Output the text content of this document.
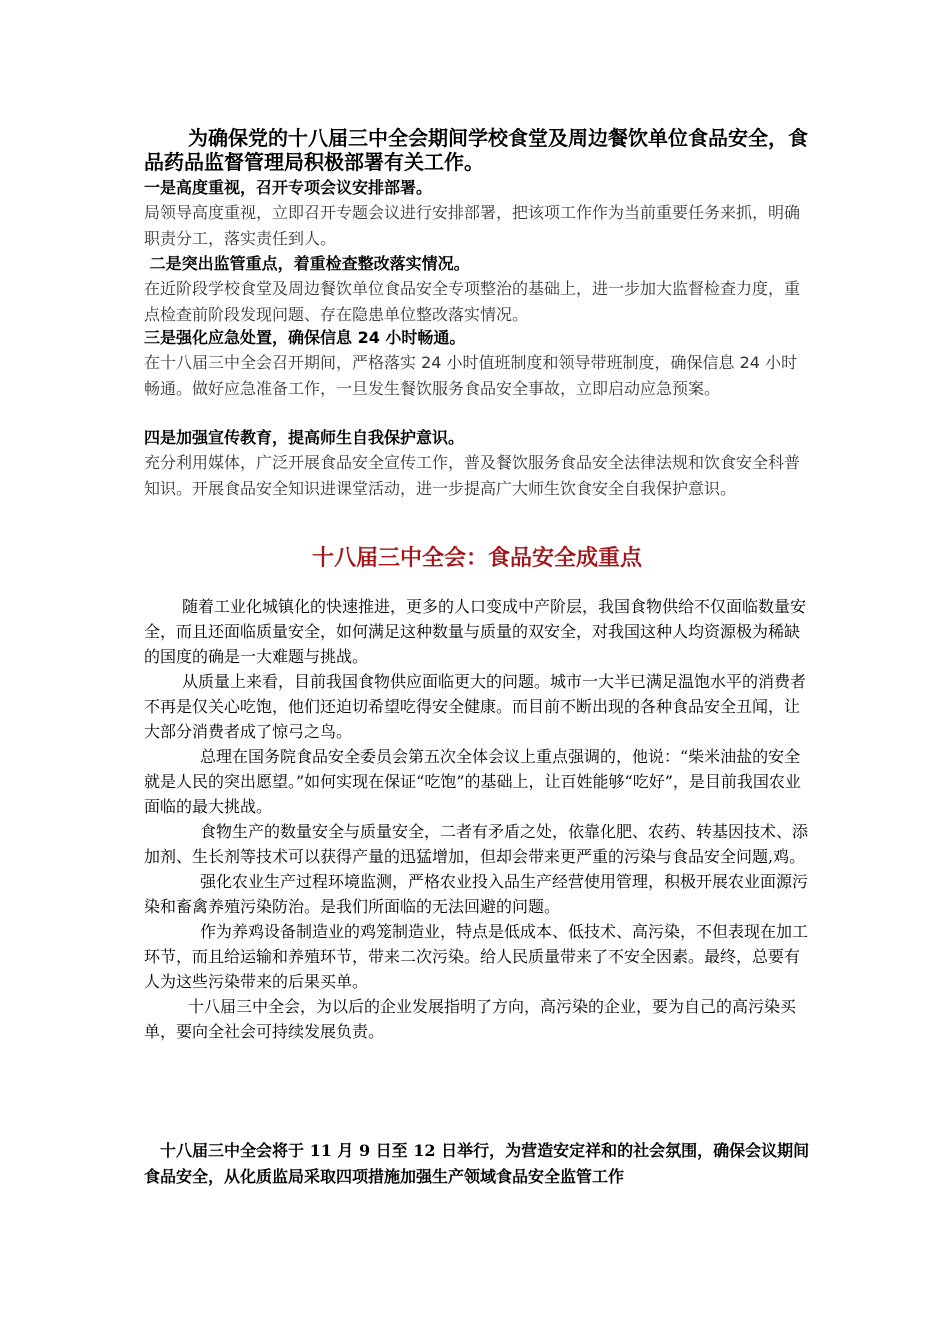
为确保党的十八届三中全会期间学校食堂及周边餐饮单位食品安全，食品药品监督管理局积极部署有关工作。
一是高度重视，召开专项会议安排部署。
局领导高度重视，立即召开专题会议进行安排部署，把该项工作作为当前重要任务来抓，明确职责分工，落实责任到人。
二是突出监管重点，着重检查整改落实情况。
在近阶段学校食堂及周边餐饮单位食品安全专项整治的基础上，进一步加大监督检查力度，重点检查前阶段发现问题、存在隐患单位整改落实情况。
三是强化应急处置，确保信息 24 小时畅通。
在十八届三中全会召开期间，严格落实 24 小时值班制度和领导带班制度，确保信息 24 小时畅通。做好应急准备工作，一旦发生餐饮服务食品安全事故，立即启动应急预案。
四是加强宣传教育，提高师生自我保护意识。
充分利用媒体，广泛开展食品安全宣传工作，普及餐饮服务食品安全法律法规和饮食安全科普知识。开展食品安全知识进课堂活动，进一步提高广大师生饮食安全自我保护意识。
十八届三中全会：食品安全成重点

随着工业化城镇化的快速推进，更多的人口变成中产阶层，我国食物供给不仅面临数量安全，而且还面临质量安全，如何满足这种数量与质量的双安全，对我国这种人均资源极为稀缺的国度的确是一大难题与挑战。

从质量上来看，目前我国食物供应面临更大的问题。城市一大半已满足温饱水平的消费者不再是仅关心吃饱，他们还迫切希望吃得安全健康。而目前不断出现的各种食品安全丑闻，让大部分消费者成了惊弓之鸟。

总理在国务院食品安全委员会第五次全体会议上重点强调的，他说：“柴米油盐的安全就是人民的突出愿望。”如何实现在保证“吃饱”的基础上，让百姓能够“吃好”，是目前我国农业面临的最大挑战。

食物生产的数量安全与质量安全，二者有矛盾之处，依靠化肥、农药、转基因技术、添加剂、生长剂等技术可以获得产量的迅猛增加，但却会带来更严重的污染与食品安全问题,鸡。

强化农业生产过程环境监测，严格农业投入品生产经营使用管理，积极开展农业面源污染和畜禽养殖污染防治。是我们所面临的无法回避的问题。

作为养鸡设备制造业的鸡笼制造业，特点是低成本、低技术、高污染，不但表现在加工环节，而且给运输和养殖环节，带来二次污染。给人民质量带来了不安全因素。最终，总要有人为这些污染带来的后果买单。

十八届三中全会，为以后的企业发展指明了方向，高污染的企业，要为自己的高污染买单，要向全社会可持续发展负责。

十八届三中全会将于 11 月 9 日至 12 日举行，为营造安定祥和的社会氛围，确保会议期间食品安全，从化质监局采取四项措施加强生产领域食品安全监管工作
